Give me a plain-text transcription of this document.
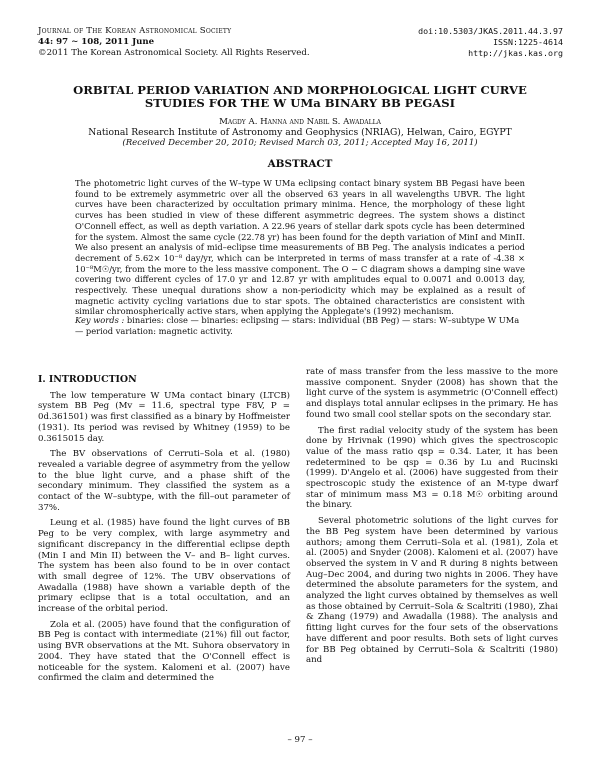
Journal of The Korean Astronomical Society
44: 97 ∼ 108, 2011 June
©2011 The Korean Astronomical Society. All Rights Reserved.
doi:10.5303/JKAS.2011.44.3.97
ISSN:1225-4614
http://jkas.kas.org
ORBITAL PERIOD VARIATION AND MORPHOLOGICAL LIGHT CURVE
STUDIES FOR THE W UMa BINARY BB PEGASI
Magdy A. Hanna and Nabil S. Awadalla
National Research Institute of Astronomy and Geophysics (NRIAG), Helwan, Cairo, EGYPT
(Received December 20, 2010; Revised March 03, 2011; Accepted May 16, 2011)
ABSTRACT

The photometric light curves of the W–type W UMa eclipsing contact binary system BB Pegasi have been found to be extremely asymmetric over all the observed 63 years in all wavelengths UBVR. The light curves have been characterized by occultation primary minima. Hence, the morphology of these light curves has been studied in view of these different asymmetric degrees. The system shows a distinct O'Connell effect, as well as depth variation. A 22.96 years of stellar dark spots cycle has been determined for the system. Almost the same cycle (22.78 yr) has been found for the depth variation of MinI and MinII. We also present an analysis of mid–eclipse time measurements of BB Peg. The analysis indicates a period decrement of 5.62× 10⁻⁸ day/yr, which can be interpreted in terms of mass transfer at a rate of -4.38 × 10⁻⁸M☉/yr, from the more to the less massive component. The O − C diagram shows a damping sine wave covering two different cycles of 17.0 yr and 12.87 yr with amplitudes equal to 0.0071 and 0.0013 day, respectively. These unequal durations show a non-periodicity which may be explained as a result of magnetic activity cycling variations due to star spots. The obtained characteristics are consistent with similar chromospherically active stars, when applying the Applegate's (1992) mechanism.

Key words : binaries: close — binaries: eclipsing — stars: individual (BB Peg) — stars: W–subtype W UMa — period variation: magnetic activity.

I. INTRODUCTION

The low temperature W UMa contact binary (LTCB) system BB Peg (Mv = 11.6, spectral type F8V, P = 0d.361501) was first classified as a binary by Hoffmeister (1931). Its period was revised by Whitney (1959) to be 0.3615015 day.

The BV observations of Cerruti–Sola et al. (1980) revealed a variable degree of asymmetry from the yellow to the blue light curve, and a phase shift of the secondary minimum. They classified the system as a contact of the W–subtype, with the fill–out parameter of 37%.

Leung et al. (1985) have found the light curves of BB Peg to be very complex, with large asymmetry and significant discrepancy in the differential eclipse depth (Min I and Min II) between the V– and B– light curves. The system has been also found to be in over contact with small degree of 12%. The UBV observations of Awadalla (1988) have shown a variable depth of the primary eclipse that is a total occultation, and an increase of the orbital period.

Zola et al. (2005) have found that the configuration of BB Peg is contact with intermediate (21%) fill out factor, using BVR observations at the Mt. Suhora observatory in 2004. They have stated that the O'Connell effect is noticeable for the system. Kalomeni et al. (2007) have confirmed the claim and determined the

rate of mass transfer from the less massive to the more massive component. Snyder (2008) has shown that the light curve of the system is asymmetric (O'Connell effect) and displays total annular eclipses in the primary. He has found two small cool stellar spots on the secondary star.

The first radial velocity study of the system has been done by Hrivnak (1990) which gives the spectroscopic value of the mass ratio qsp = 0.34. Later, it has been redetermined to be qsp = 0.36 by Lu and Rucinski (1999). D'Angelo et al. (2006) have suggested from their spectroscopic study the existence of an M-type dwarf star of minimum mass M3 = 0.18 M☉ orbiting around the binary.

Several photometric solutions of the light curves for the BB Peg system have been determined by various authors; among them Cerruti–Sola et al. (1981), Zola et al. (2005) and Snyder (2008). Kalomeni et al. (2007) have observed the system in V and R during 8 nights between Aug–Dec 2004, and during two nights in 2006. They have determined the absolute parameters for the system, and analyzed the light curves obtained by themselves as well as those obtained by Cerruit–Sola & Scaltriti (1980), Zhai & Zhang (1979) and Awadalla (1988). The analysis and fitting light curves for the four sets of the observations have different and poor results. Both sets of light curves for BB Peg obtained by Cerruti–Sola & Scaltriti (1980) and

– 97 –
